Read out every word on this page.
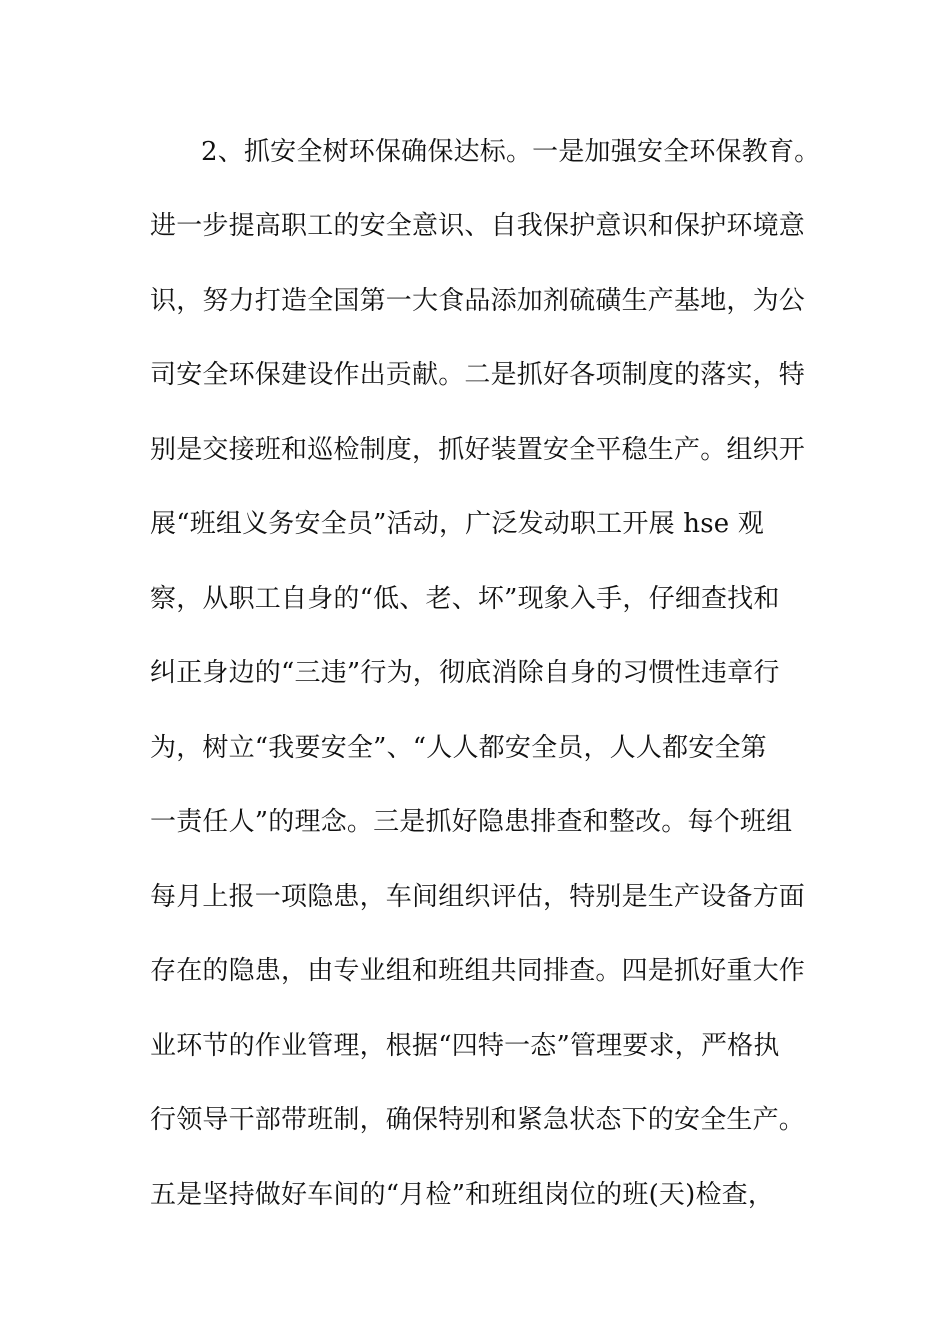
2、抓安全树环保确保达标。一是加强安全环保教育。

进一步提高职工的安全意识、自我保护意识和保护环境意

识，努力打造全国第一大食品添加剂硫磺生产基地，为公

司安全环保建设作出贡献。二是抓好各项制度的落实，特

别是交接班和巡检制度，抓好装置安全平稳生产。组织开

展“班组义务安全员”活动，广泛发动职工开展 hse 观

察，从职工自身的“低、老、坏”现象入手，仔细查找和

纠正身边的“三违”行为，彻底消除自身的习惯性违章行

为，树立“我要安全”、“人人都安全员，人人都安全第

一责任人”的理念。三是抓好隐患排查和整改。每个班组

每月上报一项隐患，车间组织评估，特别是生产设备方面

存在的隐患，由专业组和班组共同排查。四是抓好重大作

业环节的作业管理，根据“四特一态”管理要求，严格执

行领导干部带班制，确保特别和紧急状态下的安全生产。

五是坚持做好车间的“月检”和班组岗位的班(天)检查，
